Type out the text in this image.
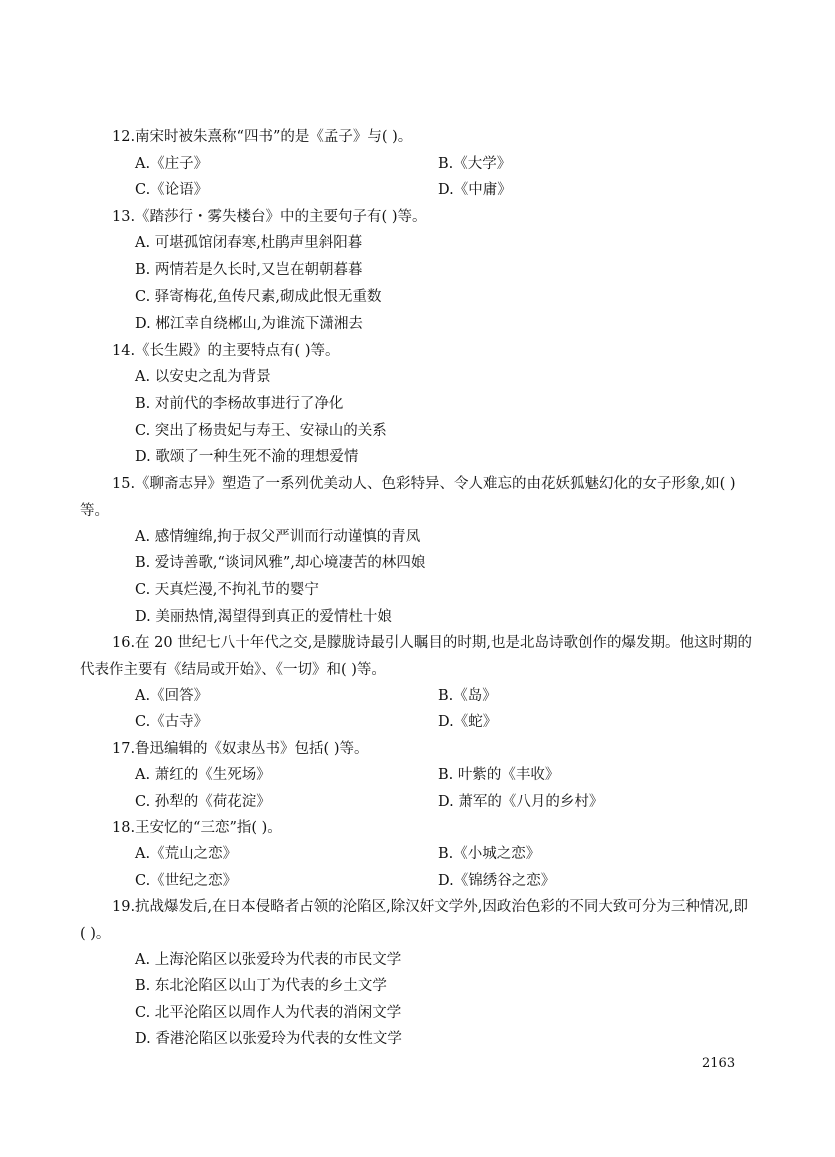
12.南宋时被朱熹称“四书”的是《孟子》与( )。
A.《庄子》	B.《大学》
C.《论语》	D.《中庸》
13.《踏莎行・雾失楼台》中的主要句子有( )等。
A. 可堪孤馆闭春寒,杜鹃声里斜阳暮
B. 两情若是久长时,又岂在朝朝暮暮
C. 驿寄梅花,鱼传尺素,砌成此恨无重数
D. 郴江幸自绕郴山,为谁流下潇湘去
14.《长生殿》的主要特点有( )等。
A. 以安史之乱为背景
B. 对前代的李杨故事进行了净化
C. 突出了杨贵妃与寿王、安禄山的关系
D. 歌颂了一种生死不渝的理想爱情
15.《聊斋志异》塑造了一系列优美动人、色彩特异、令人难忘的由花妖狐魅幻化的女子形象,如( )等。
A. 感情缠绵,拘于叔父严训而行动谨慎的青凤
B. 爱诗善歌,“谈词风雅”,却心境凄苦的林四娘
C. 天真烂漫,不拘礼节的婴宁
D. 美丽热情,渴望得到真正的爱情杜十娘
16.在 20 世纪七八十年代之交,是朦胧诗最引人瞩目的时期,也是北岛诗歌创作的爆发期。他这时期的代表作主要有《结局或开始》、《一切》和( )等。
A.《回答》	B.《岛》
C.《古寺》	D.《蛇》
17.鲁迅编辑的《奴隶丛书》包括( )等。
A. 萧红的《生死场》	B. 叶紫的《丰收》
C. 孙犁的《荷花淀》	D. 萧军的《八月的乡村》
18.王安忆的“三恋”指( )。
A.《荒山之恋》	B.《小城之恋》
C.《世纪之恋》	D.《锦绣谷之恋》
19.抗战爆发后,在日本侵略者占领的沦陷区,除汉奸文学外,因政治色彩的不同大致可分为三种情况,即( )。
A. 上海沦陷区以张爱玲为代表的市民文学
B. 东北沦陷区以山丁为代表的乡土文学
C. 北平沦陷区以周作人为代表的消闲文学
D. 香港沦陷区以张爱玲为代表的女性文学
2163
